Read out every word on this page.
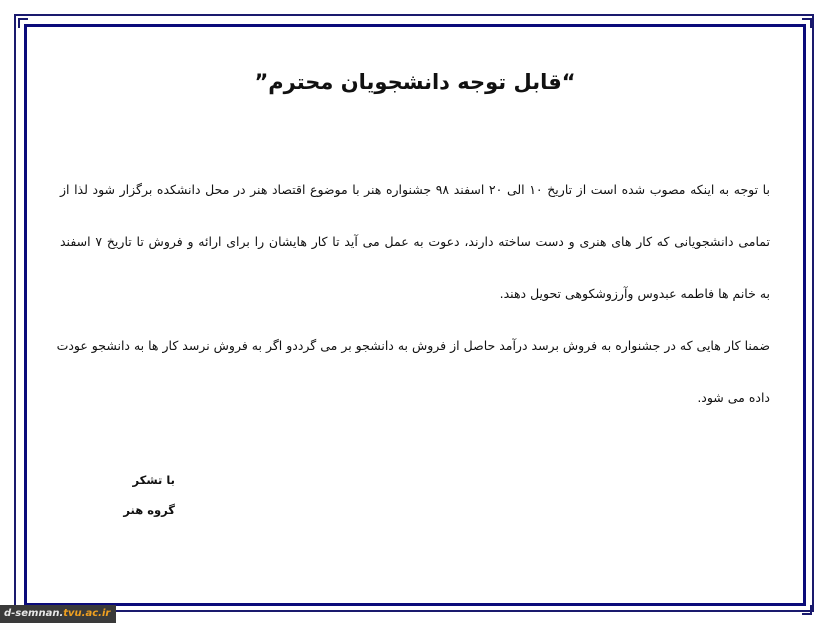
“قابل توجه دانشجویان محترم”
با توجه به اینکه مصوب شده است از تاریخ ۱۰ الی ۲۰ اسفند ۹۸ جشنواره هنر با موضوع اقتصاد هنر در محل دانشکده برگزار شود لذا از
تمامی دانشجویانی که کار های هنری و دست ساخته دارند، دعوت به عمل می آید تا کار هایشان را برای ارائه و فروش تا تاریخ ۷ اسفند
به خانم ها فاطمه عبدوس وآرزوشکوهی تحویل دهند.
ضمنا کار هایی که در جشنواره به فروش برسد درآمد حاصل از فروش به دانشجو بر می گرددو اگر به فروش نرسد کار ها به دانشجو عودت
داده می شود.
با تشکر
گروه هنر
d-semnan.tvu.ac.ir
